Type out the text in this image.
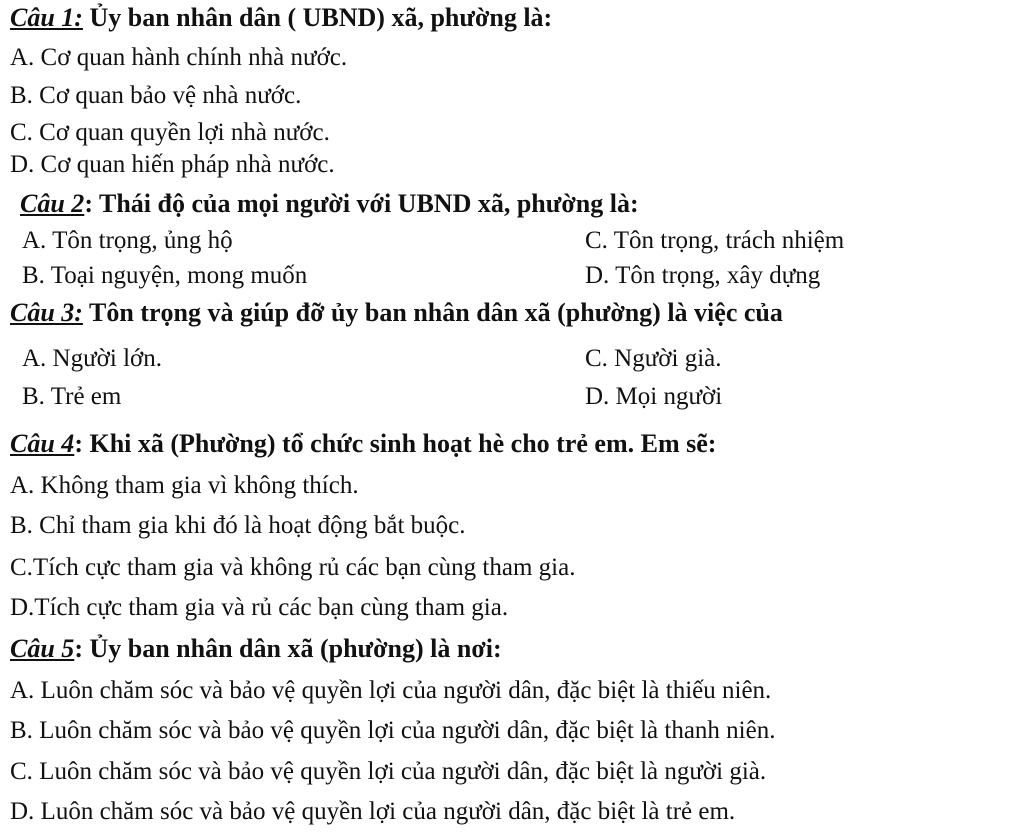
Câu 1: Ủy ban nhân dân ( UBND) xã, phường là:
A. Cơ quan hành chính nhà nước.
B. Cơ quan bảo vệ nhà nước.
C. Cơ quan quyền lợi nhà nước.
D. Cơ quan hiến pháp nhà nước.
Câu 2: Thái độ của mọi người với UBND xã, phường là:
A. Tôn trọng, ủng hộ	C. Tôn trọng, trách nhiệm
B. Toại nguyện, mong muốn	D. Tôn trọng, xây dựng
Câu 3: Tôn trọng và giúp đỡ ủy ban nhân dân xã (phường) là việc của
A. Người lớn.	C. Người già.
B. Trẻ em	D. Mọi người
Câu 4: Khi xã (Phường) tổ chức sinh hoạt hè cho trẻ em. Em sẽ:
A. Không tham gia vì không thích.
B. Chỉ tham gia khi đó là hoạt động bắt buộc.
C.Tích cực tham gia và không rủ các bạn cùng tham gia.
D.Tích cực tham gia và rủ các bạn cùng tham gia.
Câu 5: Ủy ban nhân dân xã (phường) là nơi:
A. Luôn chăm sóc và bảo vệ quyền lợi của người dân, đặc biệt là thiếu niên.
B. Luôn chăm sóc và bảo vệ quyền lợi của người dân, đặc biệt là thanh niên.
C. Luôn chăm sóc và bảo vệ quyền lợi của người dân, đặc biệt là người già.
D. Luôn chăm sóc và bảo vệ quyền lợi của người dân, đặc biệt là trẻ em.
